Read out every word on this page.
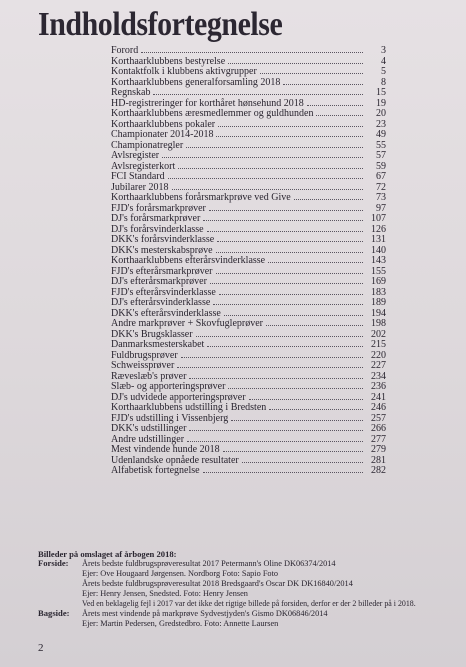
Indholdsfortegnelse
Forord	3
Korthaarklubbens bestyrelse	4
Kontaktfolk i klubbens aktivgrupper	5
Korthaarklubbens generalforsamling 2018	8
Regnskab	15
HD-registreringer for korthåret hønsehund 2018	19
Korthaarklubbens æresmedlemmer og guldhunden	20
Korthaarklubbens pokaler	23
Championater 2014-2018	49
Championatregler	55
Avlsregister	57
Avlsregisterkort	59
FCI Standard	67
Jubilarer 2018	72
Korthaarklubbens forårsmarkprøve ved Give	73
FJD's forårsmarkprøver	97
DJ's forårsmarkprøver	107
DJ's forårsvinderklasse	126
DKK's forårsvinderklasse	131
DKK's mesterskabsprøve	140
Korthaarklubbens efterårsvinderklasse	143
FJD's efterårsmarkprøver	155
DJ's efterårsmarkprøver	169
FJD's efterårsvinderklasse	183
DJ's efterårsvinderklasse	189
DKK's efterårsvinderklasse	194
Andre markprøver + Skovfugleprøver	198
DKK's Brugsklasser	202
Danmarksmesterskabet	215
Fuldbrugsprøver	220
Schweissprøver	227
Ræveslæb's prøver	234
Slæb- og apporteringsprøver	236
DJ's udvidede apporteringsprøver	241
Korthaarklubbens udstilling i Bredsten	246
FJD's udstilling i Vissenbjerg	257
DKK's udstillinger	266
Andre udstillinger	277
Mest vindende hunde 2018	279
Udenlandske opnåede resultater	281
Alfabetisk fortegnelse	282
Billeder på omslaget af årbogen 2018:
Forside: Årets bedste fuldbrugsprøveresultat 2017 Petermann's Oline DK06374/2014
Ejer: Ove Hougaard Jørgensen. Nordborg Foto: Sapio Foto
Årets bedste fuldbrugsprøveresultat 2018 Bredsgaard's Oscar DK DK16840/2014
Ejer: Henry Jensen, Snedsted. Foto: Henry Jensen
Ved en beklagelig fejl i 2017 var det ikke det rigtige billede på forsiden, derfor er der 2 billeder på i 2018.
Bagside: Årets mest vindende på markprøve Sydvestjyden's Gismo DK06846/2014
Ejer: Martin Pedersen, Gredstedbro. Foto: Annette Laursen
2
